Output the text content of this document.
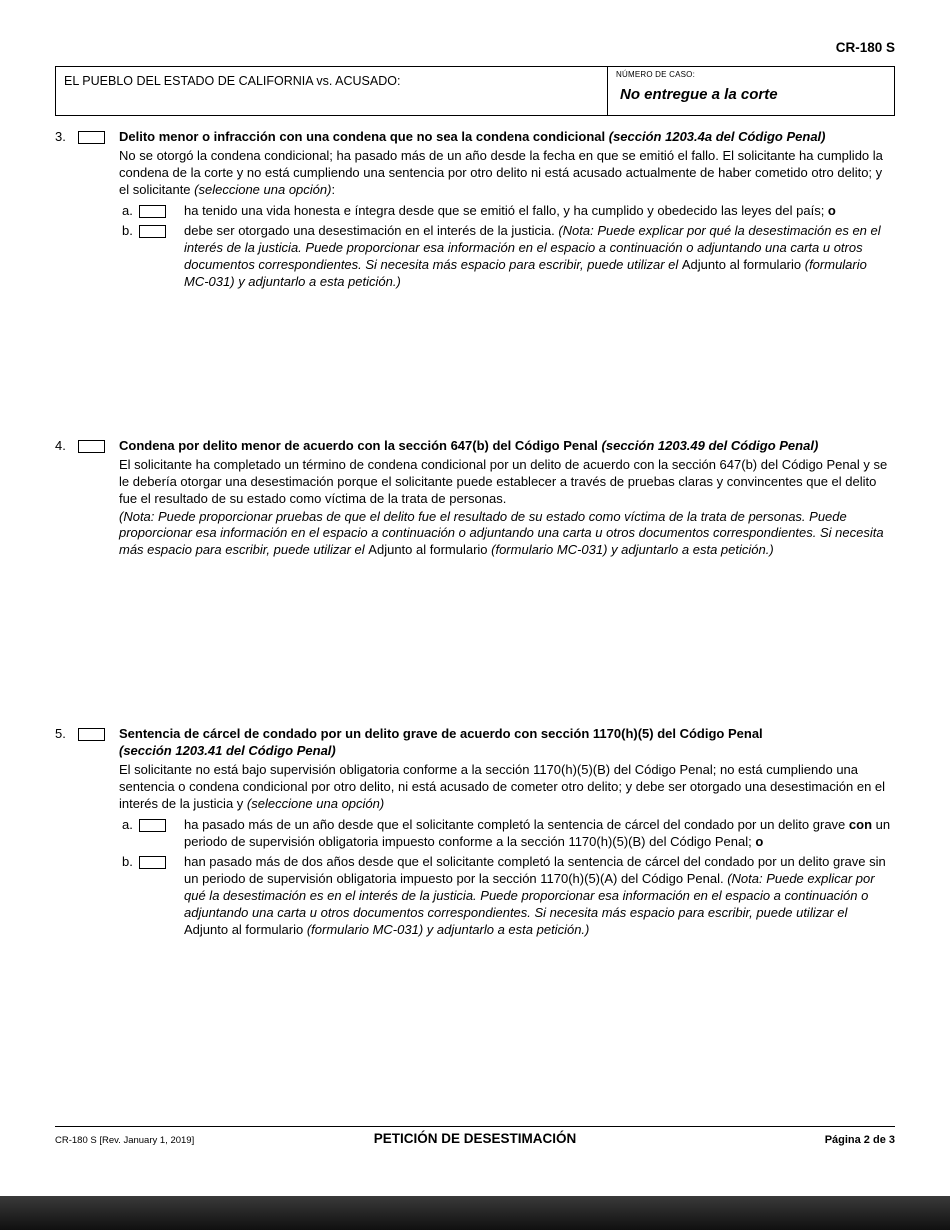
CR-180 S
EL PUEBLO DEL ESTADO DE CALIFORNIA vs. ACUSADO:	NÚMERO DE CASO:
No entregue a la corte
3.	Delito menor o infracción con una condena que no sea la condena condicional (sección 1203.4a del Código Penal)
No se otorgó la condena condicional; ha pasado más de un año desde la fecha en que se emitió el fallo. El solicitante ha cumplido la condena de la corte y no está cumpliendo una sentencia por otro delito ni está acusado actualmente de haber cometido otro delito; y el solicitante (seleccione una opción):
a.	ha tenido una vida honesta e íntegra desde que se emitió el fallo, y ha cumplido y obedecido las leyes del país; o
b.	debe ser otorgado una desestimación en el interés de la justicia. (Nota: Puede explicar por qué la desestimación es en el interés de la justicia. Puede proporcionar esa información en el espacio a continuación o adjuntando una carta u otros documentos correspondientes. Si necesita más espacio para escribir, puede utilizar el Adjunto al formulario (formulario MC-031) y adjuntarlo a esta petición.)
4.	Condena por delito menor de acuerdo con la sección 647(b) del Código Penal (sección 1203.49 del Código Penal)
El solicitante ha completado un término de condena condicional por un delito de acuerdo con la sección 647(b) del Código Penal y se le debería otorgar una desestimación porque el solicitante puede establecer a través de pruebas claras y convincentes que el delito fue el resultado de su estado como víctima de la trata de personas.
(Nota: Puede proporcionar pruebas de que el delito fue el resultado de su estado como víctima de la trata de personas. Puede proporcionar esa información en el espacio a continuación o adjuntando una carta u otros documentos correspondientes. Si necesita más espacio para escribir, puede utilizar el Adjunto al formulario (formulario MC-031) y adjuntarlo a esta petición.)
5.	Sentencia de cárcel de condado por un delito grave de acuerdo con sección 1170(h)(5) del Código Penal
(sección 1203.41 del Código Penal)
El solicitante no está bajo supervisión obligatoria conforme a la sección 1170(h)(5)(B) del Código Penal; no está cumpliendo una sentencia o condena condicional por otro delito, ni está acusado de cometer otro delito; y debe ser otorgado una desestimación en el interés de la justicia y (seleccione una opción)
a.	ha pasado más de un año desde que el solicitante completó la sentencia de cárcel del condado por un delito grave con un periodo de supervisión obligatoria impuesto conforme a la sección 1170(h)(5)(B) del Código Penal; o
b.	han pasado más de dos años desde que el solicitante completó la sentencia de cárcel del condado por un delito grave sin un periodo de supervisión obligatoria impuesto por la sección 1170(h)(5)(A) del Código Penal. (Nota: Puede explicar por qué la desestimación es en el interés de la justicia. Puede proporcionar esa información en el espacio a continuación o adjuntando una carta u otros documentos correspondientes. Si necesita más espacio para escribir, puede utilizar el Adjunto al formulario (formulario MC-031) y adjuntarlo a esta petición.)
CR-180 S [Rev. January 1, 2019]	PETICIÓN DE DESESTIMACIÓN	Página 2 de 3
